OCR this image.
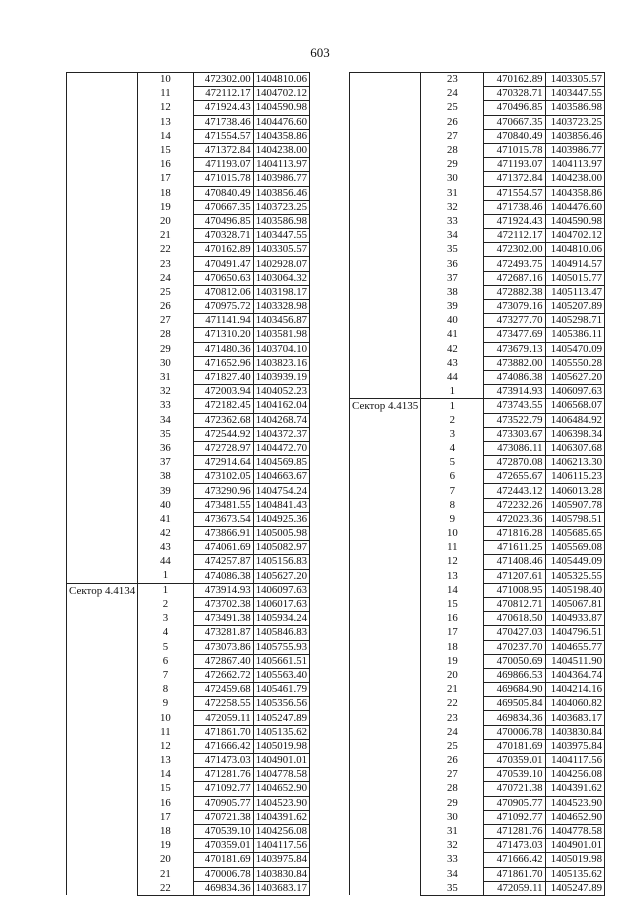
603
	10	472302.00	1404810.06
	11	472112.17	1404702.12
	12	471924.43	1404590.98
	13	471738.46	1404476.60
	14	471554.57	1404358.86
	15	471372.84	1404238.00
	16	471193.07	1404113.97
	17	471015.78	1403986.77
	18	470840.49	1403856.46
	19	470667.35	1403723.25
	20	470496.85	1403586.98
	21	470328.71	1403447.55
	22	470162.89	1403305.57
	23	470491.47	1402928.07
	24	470650.63	1403064.32
	25	470812.06	1403198.17
	26	470975.72	1403328.98
	27	471141.94	1403456.87
	28	471310.20	1403581.98
	29	471480.36	1403704.10
	30	471652.96	1403823.16
	31	471827.40	1403939.19
	32	472003.94	1404052.23
	33	472182.45	1404162.04
	34	472362.68	1404268.74
	35	472544.92	1404372.37
	36	472728.97	1404472.70
	37	472914.64	1404569.85
	38	473102.05	1404663.67
	39	473290.96	1404754.24
	40	473481.55	1404841.43
	41	473673.54	1404925.36
	42	473866.91	1405005.98
	43	474061.69	1405082.97
	44	474257.87	1405156.83
	1	474086.38	1405627.20
Сектор 4.4134	1	473914.93	1406097.63
	2	473702.38	1406017.63
	3	473491.38	1405934.24
	4	473281.87	1405846.83
	5	473073.86	1405755.93
	6	472867.40	1405661.51
	7	472662.72	1405563.40
	8	472459.68	1405461.79
	9	472258.55	1405356.56
	10	472059.11	1405247.89
	11	471861.70	1405135.62
	12	471666.42	1405019.98
	13	471473.03	1404901.01
	14	471281.76	1404778.58
	15	471092.77	1404652.90
	16	470905.77	1404523.90
	17	470721.38	1404391.62
	18	470539.10	1404256.08
	19	470359.01	1404117.56
	20	470181.69	1403975.84
	21	470006.78	1403830.84
	22	469834.36	1403683.17
	23	470162.89	1403305.57
	24	470328.71	1403447.55
	25	470496.85	1403586.98
	26	470667.35	1403723.25
	27	470840.49	1403856.46
	28	471015.78	1403986.77
	29	471193.07	1404113.97
	30	471372.84	1404238.00
	31	471554.57	1404358.86
	32	471738.46	1404476.60
	33	471924.43	1404590.98
	34	472112.17	1404702.12
	35	472302.00	1404810.06
	36	472493.75	1404914.57
	37	472687.16	1405015.77
	38	472882.38	1405113.47
	39	473079.16	1405207.89
	40	473277.70	1405298.71
	41	473477.69	1405386.11
	42	473679.13	1405470.09
	43	473882.00	1405550.28
	44	474086.38	1405627.20
	1	473914.93	1406097.63
Сектор 4.4135	1	473743.55	1406568.07
	2	473522.79	1406484.92
	3	473303.67	1406398.34
	4	473086.11	1406307.68
	5	472870.08	1406213.30
	6	472655.67	1406115.23
	7	472443.12	1406013.28
	8	472232.26	1405907.78
	9	472023.36	1405798.51
	10	471816.28	1405685.65
	11	471611.25	1405569.08
	12	471408.46	1405449.09
	13	471207.61	1405325.55
	14	471008.95	1405198.40
	15	470812.71	1405067.81
	16	470618.50	1404933.87
	17	470427.03	1404796.51
	18	470237.70	1404655.77
	19	470050.69	1404511.90
	20	469866.53	1404364.74
	21	469684.90	1404214.16
	22	469505.84	1404060.82
	23	469834.36	1403683.17
	24	470006.78	1403830.84
	25	470181.69	1403975.84
	26	470359.01	1404117.56
	27	470539.10	1404256.08
	28	470721.38	1404391.62
	29	470905.77	1404523.90
	30	471092.77	1404652.90
	31	471281.76	1404778.58
	32	471473.03	1404901.01
	33	471666.42	1405019.98
	34	471861.70	1405135.62
	35	472059.11	1405247.89
